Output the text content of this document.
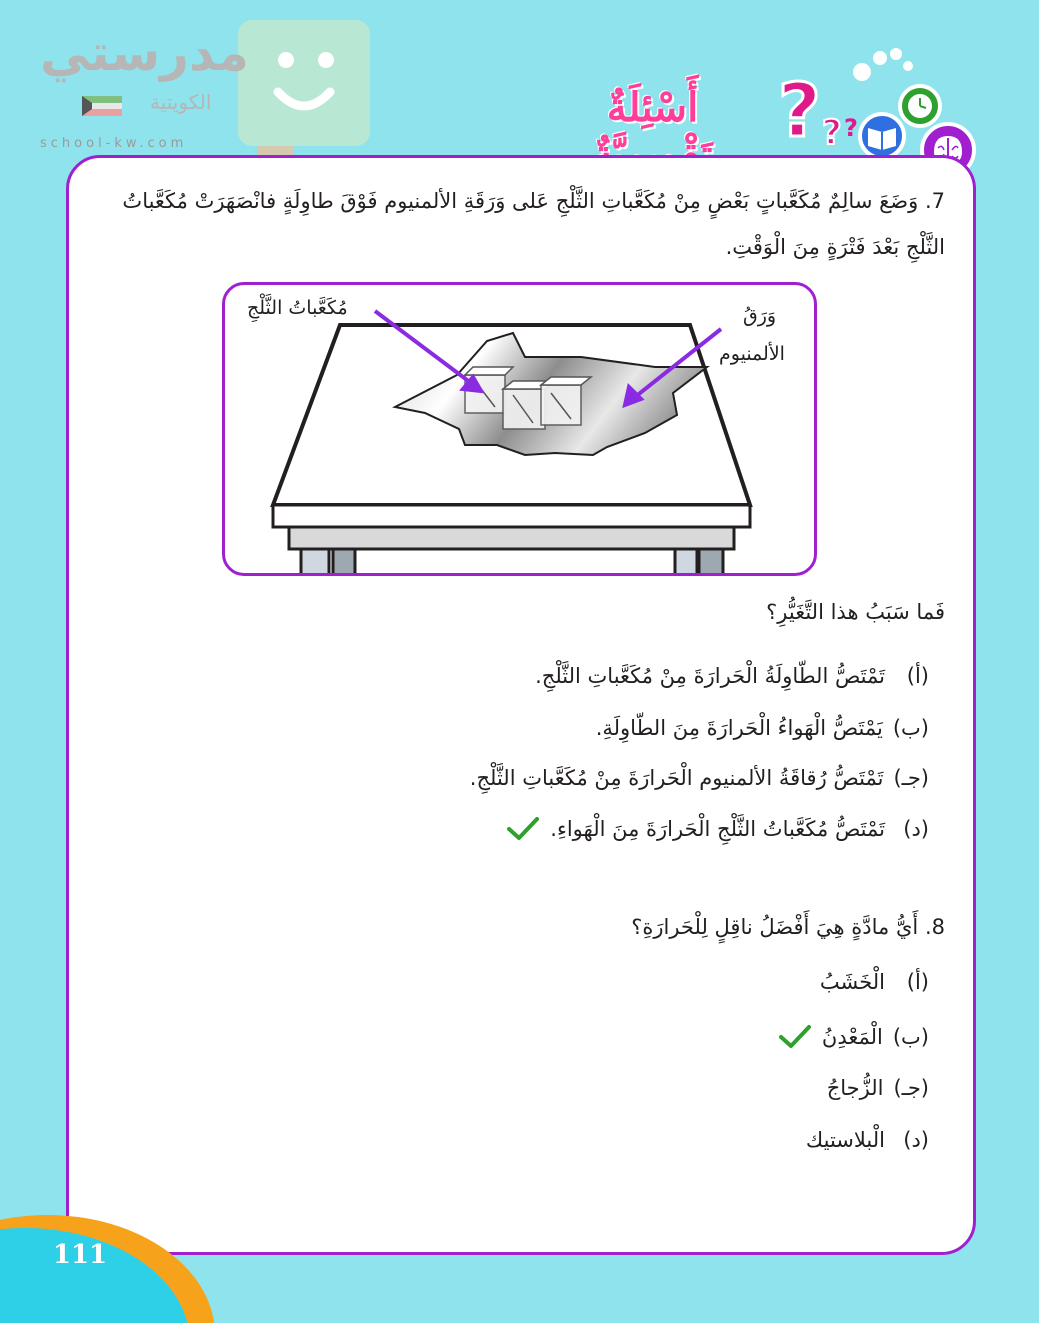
مدرستي
الكويتية
school-kw.com
أَسْئِلَةٌ	? ? ?
7. وَضَعَ سالِمٌ مُكَعَّباتٍ بَعْضٍ مِنْ مُكَعَّباتِ الثَّلْجِ عَلى وَرَقَةِ الألمنيوم فَوْقَ طاوِلَةٍ فانْصَهَرَتْ مُكَعَّباتُ الثَّلْجِ بَعْدَ فَتْرَةٍ مِنَ الْوَقْتِ.
مُكَعَّباتُ الثَّلْجِ	وَرَقُ
الألمنيوم
فَما سَبَبُ هذا التَّغَيُّرِ؟
(أ)
تَمْتَصُّ الطّاوِلَةُ الْحَرارَةَ مِنْ مُكَعَّباتِ الثَّلْجِ.
(ب)
يَمْتَصُّ الْهَواءُ الْحَرارَةَ مِنَ الطّاوِلَةِ.
(جـ)
تَمْتَصُّ رُقاقَةُ الألمنيوم الْحَرارَةَ مِنْ مُكَعَّباتِ الثَّلْجِ.
(د)
تَمْتَصُّ مُكَعَّباتُ الثَّلْجِ الْحَرارَةَ مِنَ الْهَواءِ.
8. أَيُّ مادَّةٍ هِيَ أَفْضَلُ ناقِلٍ لِلْحَرارَةِ؟
(أ)
الْخَشَبُ
(ب)
الْمَعْدِنُ
(جـ)
الزُّجاجُ
(د)
الْبلاستيك
111
